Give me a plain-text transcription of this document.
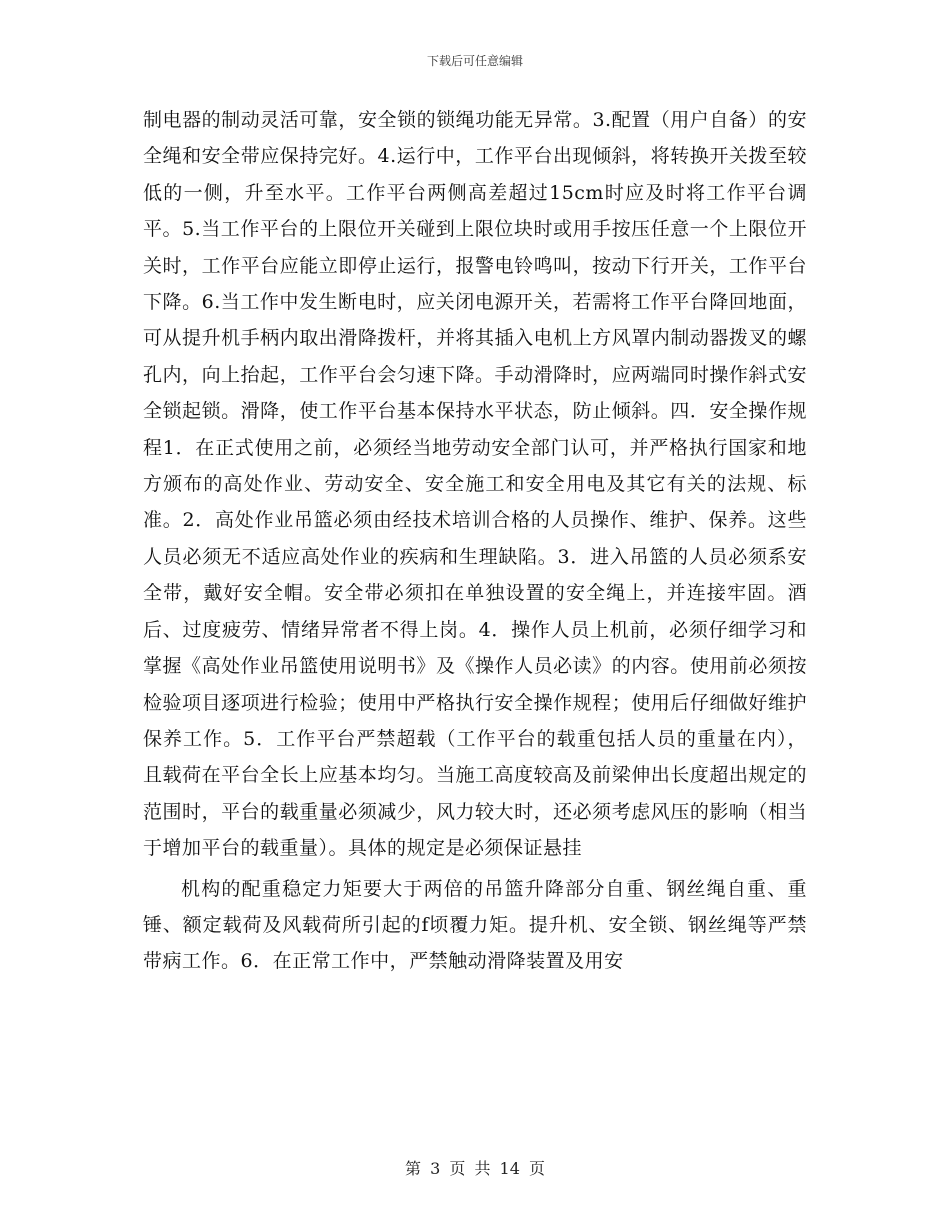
下载后可任意编辑

制电器的制动灵活可靠，安全锁的锁绳功能无异常。3.配置（用户自备）的安全绳和安全带应保持完好。4.运行中，工作平台出现倾斜，将转换开关拨至较低的一侧，升至水平。工作平台两侧高差超过15cm时应及时将工作平台调平。5.当工作平台的上限位开关碰到上限位块时或用手按压任意一个上限位开关时，工作平台应能立即停止运行，报警电铃鸣叫，按动下行开关，工作平台下降。6.当工作中发生断电时，应关闭电源开关，若需将工作平台降回地面，可从提升机手柄内取出滑降拨杆，并将其插入电机上方风罩内制动器拨叉的螺孔内，向上抬起，工作平台会匀速下降。手动滑降时，应两端同时操作斜式安全锁起锁。滑降，使工作平台基本保持水平状态，防止倾斜。四．安全操作规程1．在正式使用之前，必须经当地劳动安全部门认可，并严格执行国家和地方颁布的高处作业、劳动安全、安全施工和安全用电及其它有关的法规、标准。2．高处作业吊篮必须由经技术培训合格的人员操作、维护、保养。这些人员必须无不适应高处作业的疾病和生理缺陷。3．进入吊篮的人员必须系安全带，戴好安全帽。安全带必须扣在单独设置的安全绳上，并连接牢固。酒后、过度疲劳、情绪异常者不得上岗。4．操作人员上机前，必须仔细学习和掌握《高处作业吊篮使用说明书》及《操作人员必读》的内容。使用前必须按检验项目逐项进行检验；使用中严格执行安全操作规程；使用后仔细做好维护保养工作。5．工作平台严禁超载（工作平台的载重包括人员的重量在内），且载荷在平台全长上应基本均匀。当施工高度较高及前梁伸出长度超出规定的范围时，平台的载重量必须减少，风力较大时，还必须考虑风压的影响（相当于增加平台的载重量）。具体的规定是必须保证悬挂

机构的配重稳定力矩要大于两倍的吊篮升降部分自重、钢丝绳自重、重锤、额定载荷及风载荷所引起的f顷覆力矩。提升机、安全锁、钢丝绳等严禁带病工作。6．在正常工作中，严禁触动滑降装置及用安

第 3 页 共 14 页
